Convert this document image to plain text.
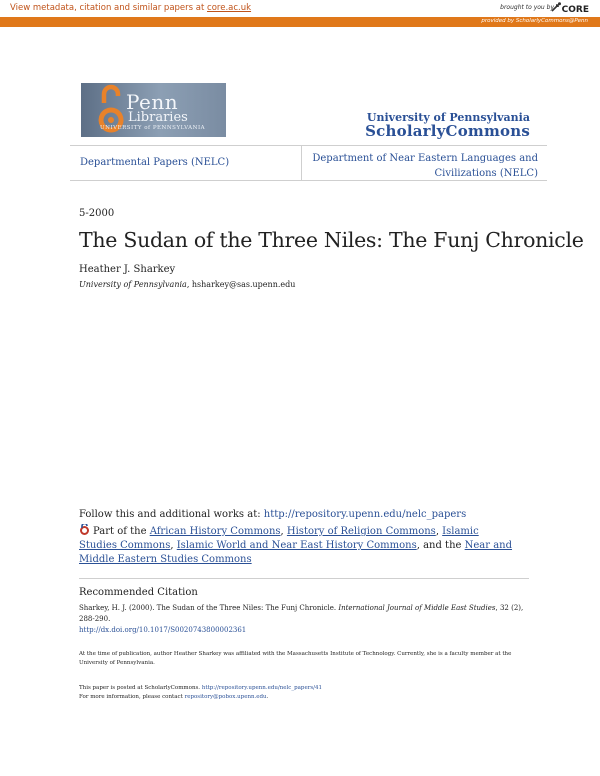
View metadata, citation and similar papers at core.ac.uk	brought to you by CORE
provided by ScholarlyCommons@Penn
Penn
Libraries
UNIVERSITY of PENNSYLVANIA
University of Pennsylvania
ScholarlyCommons
Departmental Papers (NELC)	Department of Near Eastern Languages and Civilizations (NELC)
5-2000
The Sudan of the Three Niles: The Funj Chronicle
Heather J. Sharkey
University of Pennsylvania, hsharkey@sas.upenn.edu
Follow this and additional works at: http://repository.upenn.edu/nelc_papers
Part of the African History Commons, History of Religion Commons, Islamic Studies Commons, Islamic World and Near East History Commons, and the Near and Middle Eastern Studies Commons
Recommended Citation
Sharkey, H. J. (2000). The Sudan of the Three Niles: The Funj Chronicle. International Journal of Middle East Studies, 32 (2), 288-290.
http://dx.doi.org/10.1017/S0020743800002361
At the time of publication, author Heather Sharkey was affiliated with the Massachusetts Institute of Technology. Currently, she is a faculty member at the University of Pennsylvania.
This paper is posted at ScholarlyCommons. http://repository.upenn.edu/nelc_papers/41
For more information, please contact repository@pobox.upenn.edu.
